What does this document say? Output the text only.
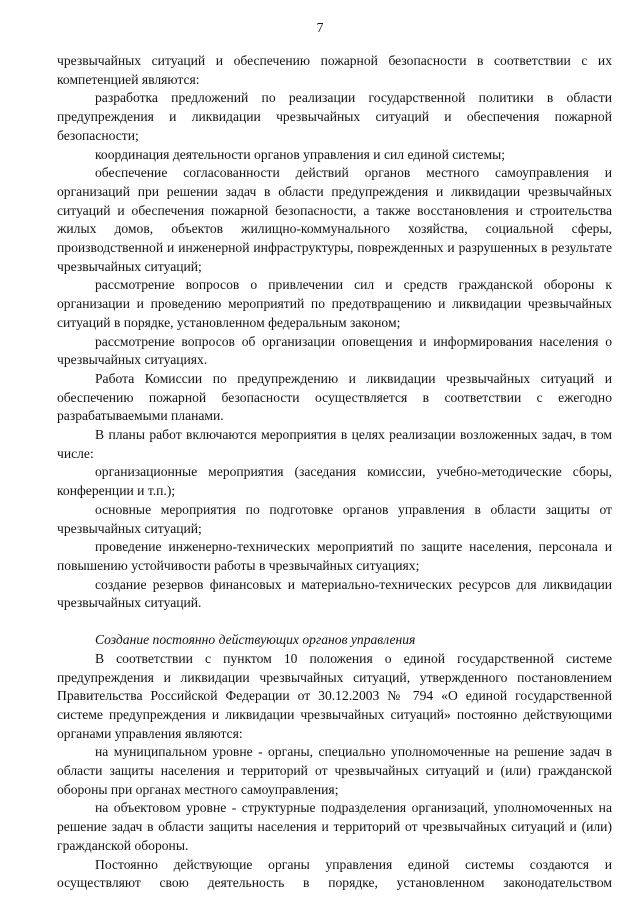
7

чрезвычайных ситуаций и обеспечению пожарной безопасности в соответствии с их компетенцией являются:

разработка предложений по реализации государственной политики в области предупреждения и ликвидации чрезвычайных ситуаций и обеспечения пожарной безопасности;

координация деятельности органов управления и сил единой системы;

обеспечение согласованности действий органов местного самоуправления и организаций при решении задач в области предупреждения и ликвидации чрезвычайных ситуаций и обеспечения пожарной безопасности, а также восстановления и строительства жилых домов, объектов жилищно-коммунального хозяйства, социальной сферы, производственной и инженерной инфраструктуры, поврежденных и разрушенных в результате чрезвычайных ситуаций;

рассмотрение вопросов о привлечении сил и средств гражданской обороны к организации и проведению мероприятий по предотвращению и ликвидации чрезвычайных ситуаций в порядке, установленном федеральным законом;

рассмотрение вопросов об организации оповещения и информирования населения о чрезвычайных ситуациях.

Работа Комиссии по предупреждению и ликвидации чрезвычайных ситуаций и обеспечению пожарной безопасности осуществляется в соответствии с ежегодно разрабатываемыми планами.

В планы работ включаются мероприятия в целях реализации возложенных задач, в том числе:

организационные мероприятия (заседания комиссии, учебно-методические сборы, конференции и т.п.);

основные мероприятия по подготовке органов управления в области защиты от чрезвычайных ситуаций;

проведение инженерно-технических мероприятий по защите населения, персонала и повышению устойчивости работы в чрезвычайных ситуациях;

создание резервов финансовых и материально-технических ресурсов для ликвидации чрезвычайных ситуаций.

Создание постоянно действующих органов управления

В соответствии с пунктом 10 положения о единой государственной системе предупреждения и ликвидации чрезвычайных ситуаций, утвержденного постановлением Правительства Российской Федерации от 30.12.2003 № 794 «О единой государственной системе предупреждения и ликвидации чрезвычайных ситуаций» постоянно действующими органами управления являются:

на муниципальном уровне - органы, специально уполномоченные на решение задач в области защиты населения и территорий от чрезвычайных ситуаций и (или) гражданской обороны при органах местного самоуправления;

на объектовом уровне - структурные подразделения организаций, уполномоченных на решение задач в области защиты населения и территорий от чрезвычайных ситуаций и (или) гражданской обороны.

Постоянно действующие органы управления единой системы создаются и осуществляют свою деятельность в порядке, установленном законодательством
